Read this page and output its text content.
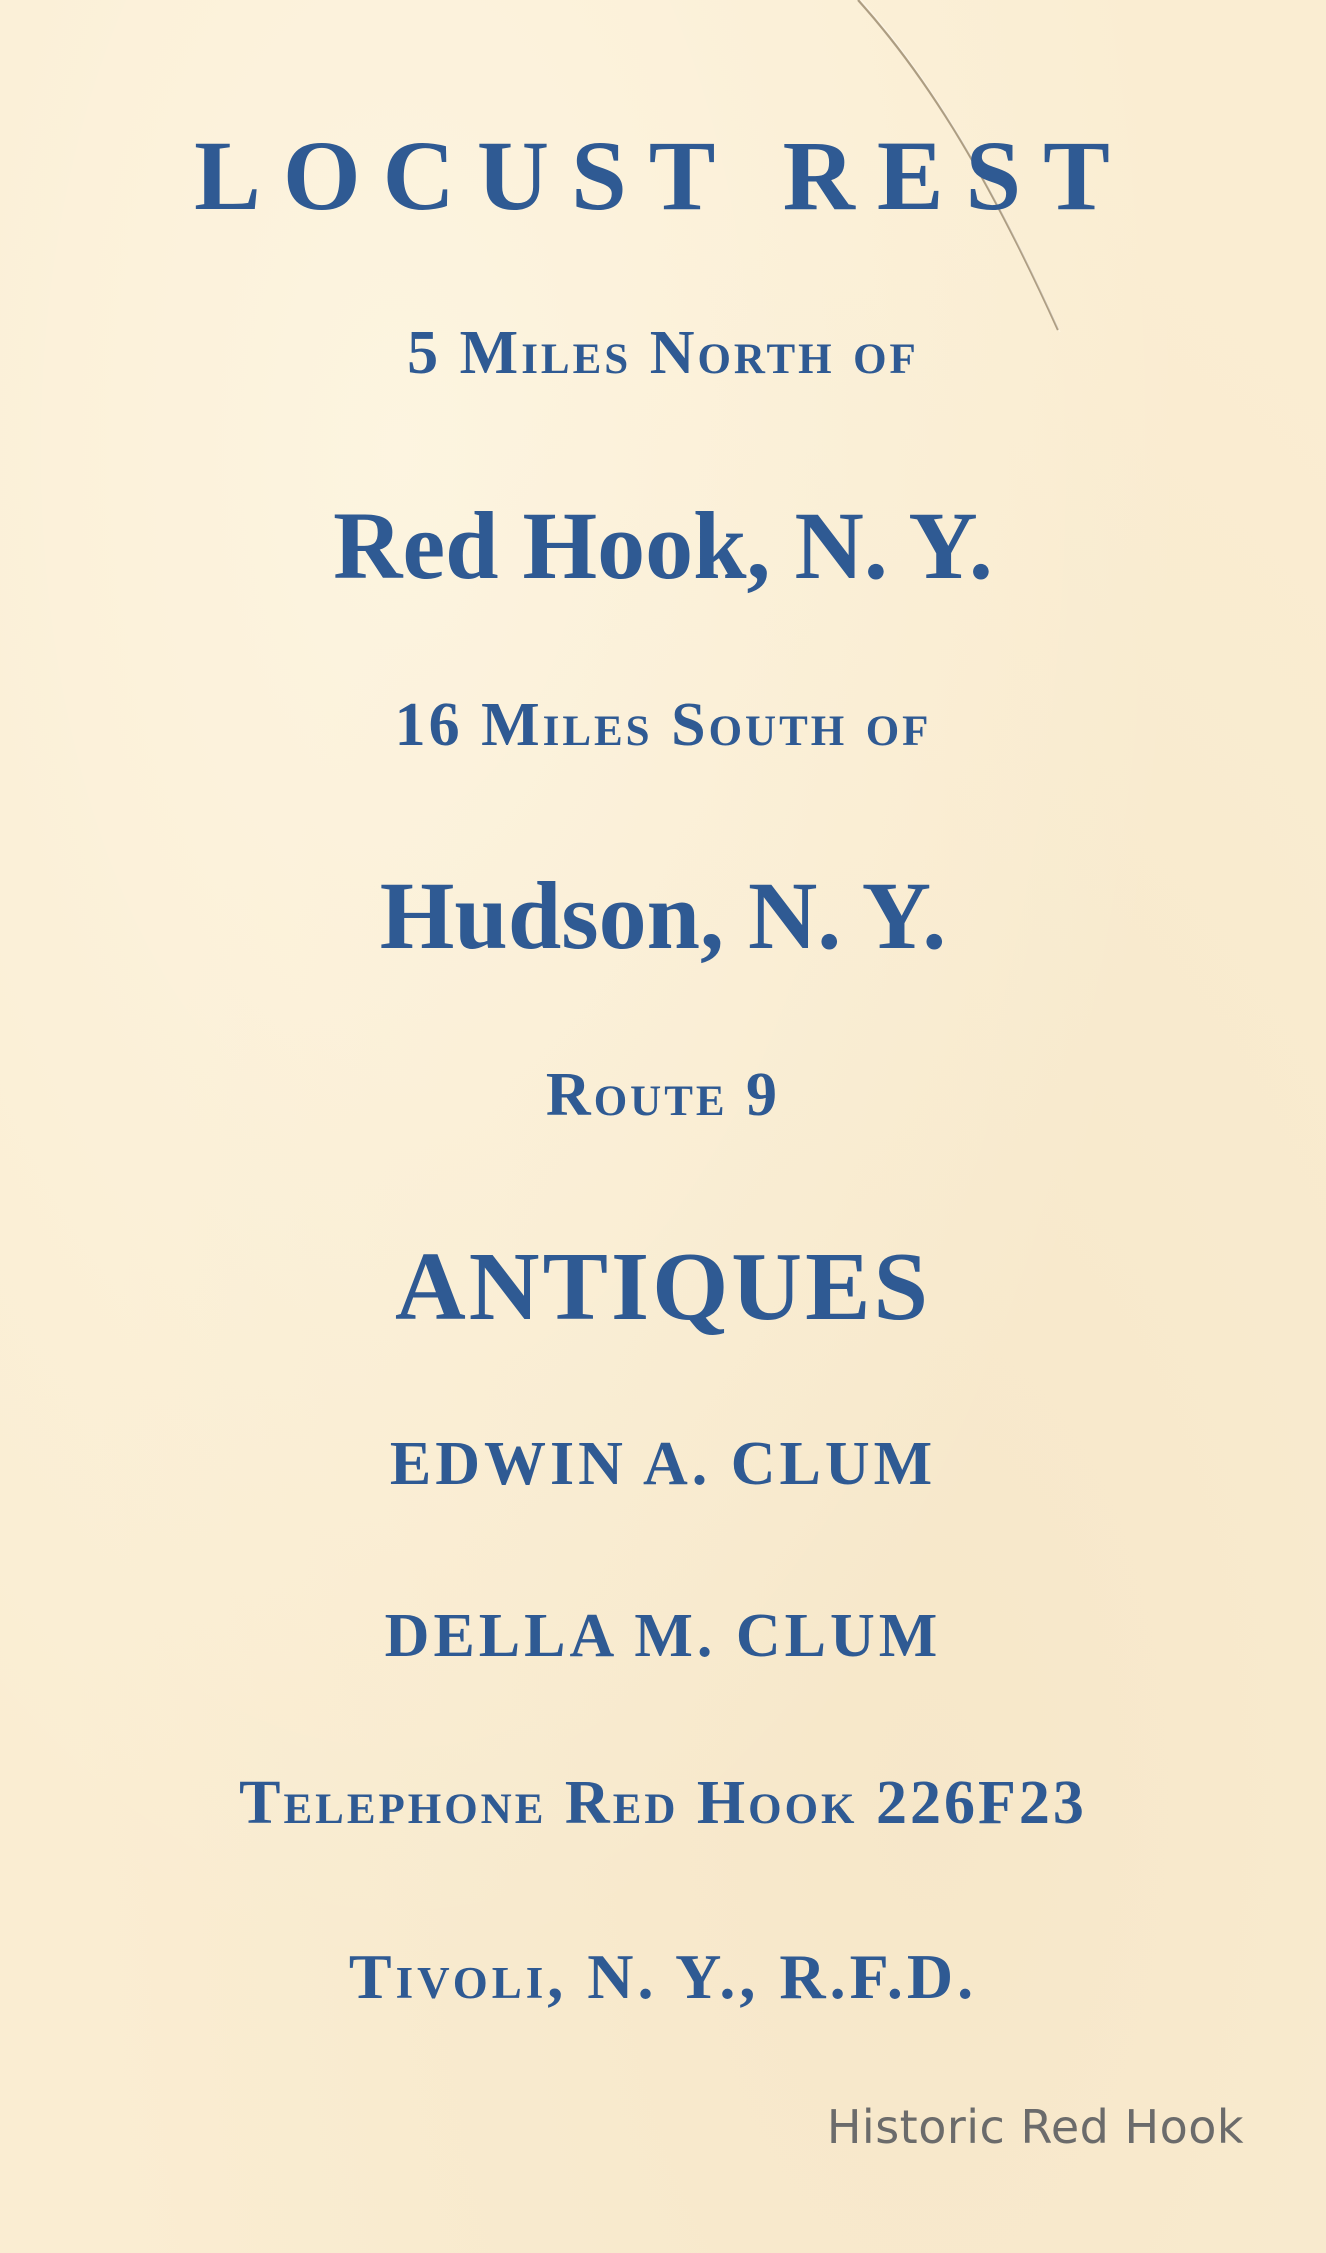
LOCUST REST
5 Miles North of
Red Hook, N. Y.
16 Miles South of
Hudson, N. Y.
Route 9
ANTIQUES
EDWIN A. CLUM
DELLA M. CLUM
Telephone Red Hook 226F23
Tivoli, N. Y., R.F.D.
Historic Red Hook
